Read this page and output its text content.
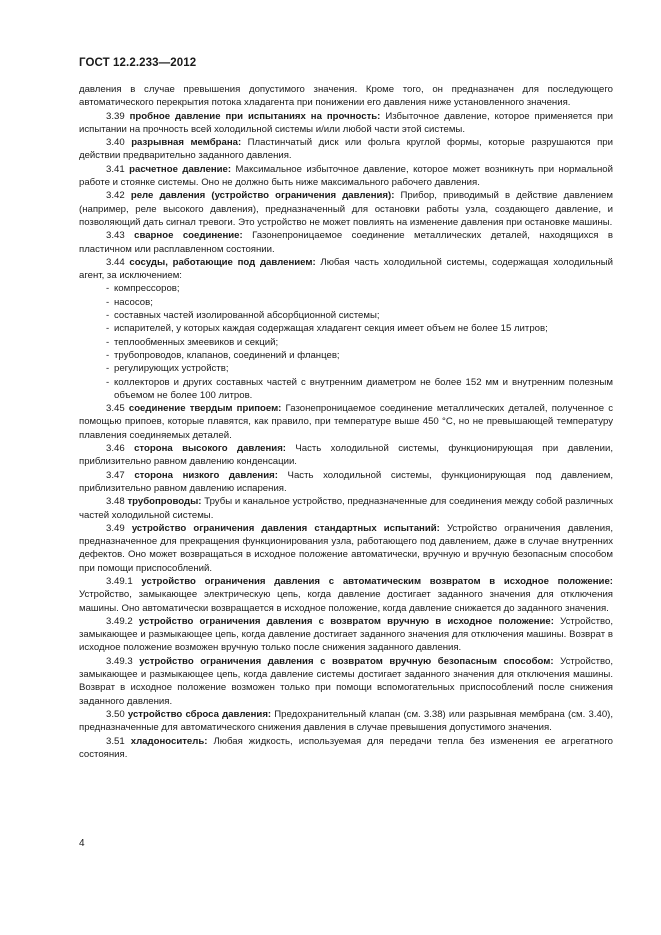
ГОСТ 12.2.233—2012

давления в случае превышения допустимого значения. Кроме того, он предназначен для последующего автоматического перекрытия потока хладагента при понижении его давления ниже установленного значения.

3.39 пробное давление при испытаниях на прочность: Избыточное давление, которое применяется при испытании на прочность всей холодильной системы и/или любой части этой системы.

3.40 разрывная мембрана: Пластинчатый диск или фольга круглой формы, которые разрушаются при действии предварительно заданного давления.

3.41 расчетное давление: Максимальное избыточное давление, которое может возникнуть при нормальной работе и стоянке системы. Оно не должно быть ниже максимального рабочего давления.

3.42 реле давления (устройство ограничения давления): Прибор, приводимый в действие давлением (например, реле высокого давления), предназначенный для остановки работы узла, создающего давление, и позволяющий дать сигнал тревоги. Это устройство не может повлиять на изменение давления при остановке машины.

3.43 сварное соединение: Газонепроницаемое соединение металлических деталей, находящихся в пластичном или расплавленном состоянии.

3.44 сосуды, работающие под давлением: Любая часть холодильной системы, содержащая холодильный агент, за исключением:

- компрессоров;
- насосов;
- составных частей изолированной абсорбционной системы;
- испарителей, у которых каждая содержащая хладагент секция имеет объем не более 15 литров;
- теплообменных змеевиков и секций;
- трубопроводов, клапанов, соединений и фланцев;
- регулирующих устройств;
- коллекторов и других составных частей с внутренним диаметром не более 152 мм и внутренним полезным объемом не более 100 литров.

3.45 соединение твердым припоем: Газонепроницаемое соединение металлических деталей, полученное с помощью припоев, которые плавятся, как правило, при температуре выше 450 °С, но не превышающей температуру плавления соединяемых деталей.

3.46 сторона высокого давления: Часть холодильной системы, функционирующая при давлении, приблизительно равном давлению конденсации.

3.47 сторона низкого давления: Часть холодильной системы, функционирующая под давлением, приблизительно равном давлению испарения.

3.48 трубопроводы: Трубы и канальное устройство, предназначенные для соединения между собой различных частей холодильной системы.

3.49 устройство ограничения давления стандартных испытаний: Устройство ограничения давления, предназначенное для прекращения функционирования узла, работающего под давлением, даже в случае внутренних дефектов. Оно может возвращаться в исходное положение автоматически, вручную и вручную безопасным способом при помощи приспособлений.

3.49.1 устройство ограничения давления с автоматическим возвратом в исходное положение: Устройство, замыкающее электрическую цепь, когда давление достигает заданного значения для отключения машины. Оно автоматически возвращается в исходное положение, когда давление снижается до заданного значения.

3.49.2 устройство ограничения давления с возвратом вручную в исходное положение: Устройство, замыкающее и размыкающее цепь, когда давление достигает заданного значения для отключения машины. Возврат в исходное положение возможен вручную только после снижения заданного давления.

3.49.3 устройство ограничения давления с возвратом вручную безопасным способом: Устройство, замыкающее и размыкающее цепь, когда давление системы достигает заданного значения для отключения машины. Возврат в исходное положение возможен только при помощи вспомогательных приспособлений после снижения заданного давления.

3.50 устройство сброса давления: Предохранительный клапан (см. 3.38) или разрывная мембрана (см. 3.40), предназначенные для автоматического снижения давления в случае превышения допустимого значения.

3.51 хладоноситель: Любая жидкость, используемая для передачи тепла без изменения ее агрегатного состояния.

4
